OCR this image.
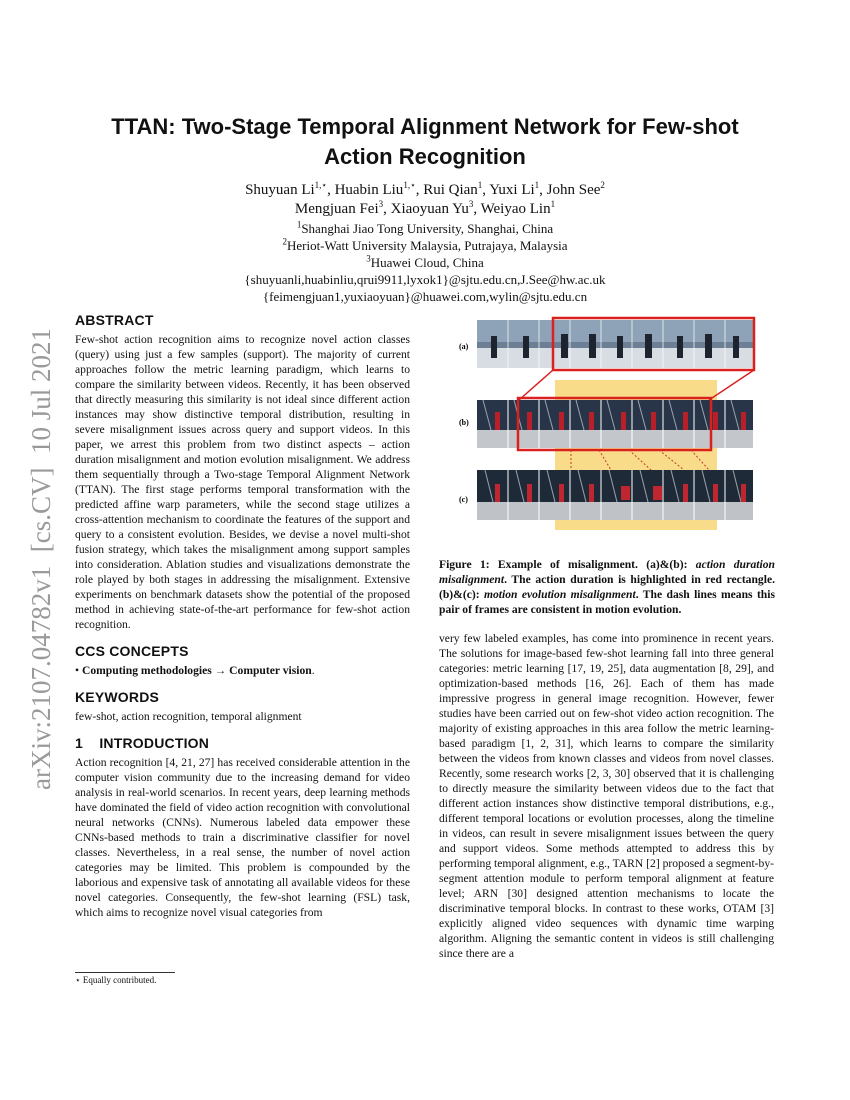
arXiv:2107.04782v1  [cs.CV]  10 Jul 2021
TTAN: Two-Stage Temporal Alignment Network for Few-shot
Action Recognition
Shuyuan $Li^{1,⋆}$, Huabin Liu$^{1,⋆}$, Rui Qian$^1$, Yuxi Li$^1$, John See$^2$
Mengjuan Fei$^3$, Xiaoyuan Yu$^3$, Weiyao Lin$^1$
$^1$Shanghai Jiao Tong University, Shanghai, China
$^2$Heriot-Watt University Malaysia, Putrajaya, Malaysia
$^3$Huawei Cloud, China
{shuyuanli,huabinliu,qrui9911,lyxok1}@sjtu.edu.cn,J.See@hw.ac.uk
{feimengjuan1,yuxiaoyuan}@huawei.com,wylin@sjtu.edu.cn
ABSTRACT

Few-shot action recognition aims to recognize novel action classes (query) using just a few samples (support). The majority of current approaches follow the metric learning paradigm, which learns to compare the similarity between videos. Recently, it has been observed that directly measuring this similarity is not ideal since different action instances may show distinctive temporal distribution, resulting in severe misalignment issues across query and support videos. In this paper, we arrest this problem from two distinct aspects – action duration misalignment and motion evolution misalignment. We address them sequentially through a Two-stage Temporal Alignment Network (TTAN). The first stage performs temporal transformation with the predicted affine warp parameters, while the second stage utilizes a cross-attention mechanism to coordinate the features of the support and query to a consistent evolution. Besides, we devise a novel multi-shot fusion strategy, which takes the misalignment among support samples into consideration. Ablation studies and visualizations demonstrate the role played by both stages in addressing the misalignment. Extensive experiments on benchmark datasets show the potential of the proposed method in achieving state-of-the-art performance for few-shot action recognition.

CCS CONCEPTS

• Computing methodologies → Computer vision.

KEYWORDS

few-shot, action recognition, temporal alignment

1    INTRODUCTION

Action recognition [4, 21, 27] has received considerable attention in the computer vision community due to the increasing demand for video analysis in real-world scenarios. In recent years, deep learning methods have dominated the field of video action recognition with convolutional neural networks (CNNs). Numerous labeled data empower these CNNs-based methods to train a discriminative classifier for novel classes. Nevertheless, in a real sense, the number of novel action categories may be limited. This problem is compounded by the laborious and expensive task of annotating all available videos for these novel categories. Consequently, the few-shot learning (FSL) task, which aims to recognize novel visual categories from

(a)
(b)
(c)
Figure 1: Example of misalignment. (a)&(b): action duration misalignment. The action duration is highlighted in red rectangle. (b)&(c): motion evolution misalignment. The dash lines means this pair of frames are consistent in motion evolution.

very few labeled examples, has come into prominence in recent years. The solutions for image-based few-shot learning fall into three general categories: metric learning [17, 19, 25], data augmentation [8, 29], and optimization-based methods [16, 26]. Each of them has made impressive progress in general image recognition. However, fewer studies have been carried out on few-shot video action recognition. The majority of existing approaches in this area follow the metric learning-based paradigm [1, 2, 31], which learns to compare the similarity between the videos from known classes and videos from novel classes. Recently, some research works [2, 3, 30] observed that it is challenging to directly measure the similarity between videos due to the fact that different action instances show distinctive temporal distributions, e.g., different temporal locations or evolution processes, along the timeline in videos, can result in severe misalignment issues between the query and support videos. Some methods attempted to address this by performing temporal alignment, e.g., TARN [2] proposed a segment-by-segment attention module to perform temporal alignment at feature level; ARN [30] designed attention mechanisms to locate the discriminative temporal blocks. In contrast to these works, OTAM [3] explicitly aligned video sequences with dynamic time warping algorithm. Aligning the semantic content in videos is still challenging since there are a

⋆ Equally contributed.
